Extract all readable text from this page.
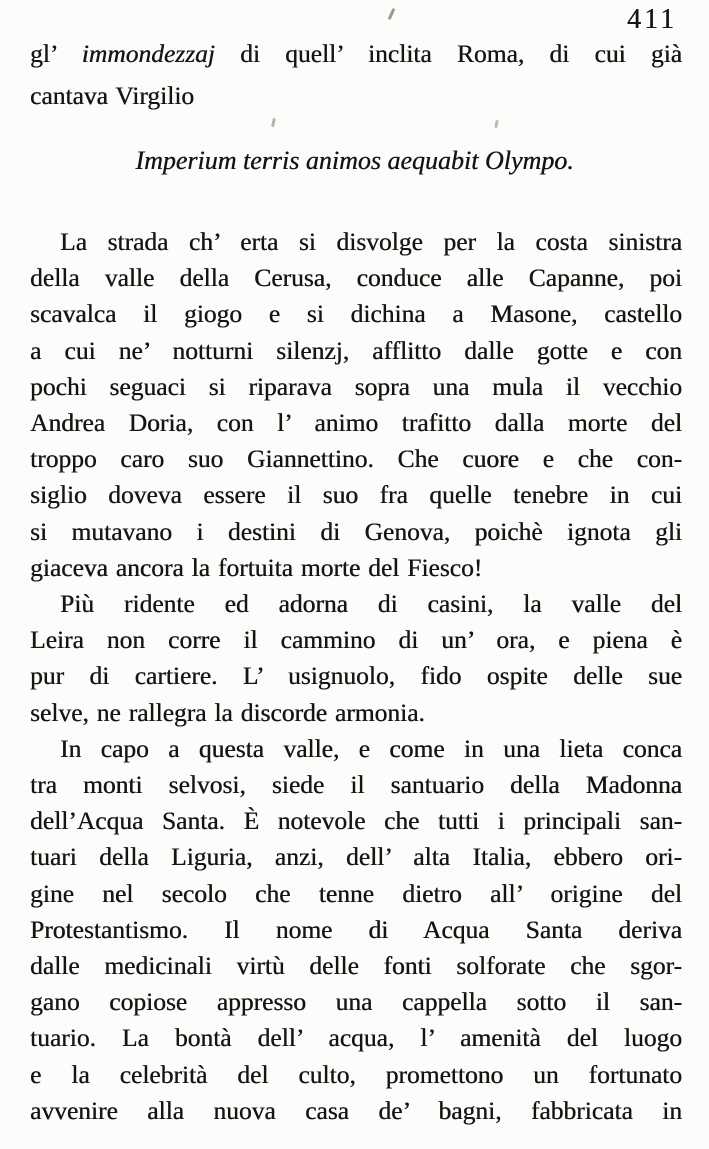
411
gl’ immondezzaj di quell’ inclita Roma, di cui già
cantava Virgilio
Imperium terris animos aequabit Olympo.
La strada ch’ erta si disvolge per la costa sinistra
della valle della Cerusa, conduce alle Capanne, poi
scavalca il giogo e si dichina a Masone, castello
a cui ne’ notturni silenzj, afflitto dalle gotte e con
pochi seguaci si riparava sopra una mula il vecchio
Andrea Doria, con l’ animo trafitto dalla morte del
troppo caro suo Giannettino. Che cuore e che con-
siglio doveva essere il suo fra quelle tenebre in cui
si mutavano i destini di Genova, poichè ignota gli
giaceva ancora la fortuita morte del Fiesco!
Più ridente ed adorna di casini, la valle del
Leira non corre il cammino di un’ ora, e piena è
pur di cartiere. L’ usignuolo, fido ospite delle sue
selve, ne rallegra la discorde armonia.
In capo a questa valle, e come in una lieta conca
tra monti selvosi, siede il santuario della Madonna
dell’Acqua Santa. È notevole che tutti i principali san-
tuari della Liguria, anzi, dell’ alta Italia, ebbero ori-
gine nel secolo che tenne dietro all’ origine del
Protestantismo. Il nome di Acqua Santa deriva
dalle medicinali virtù delle fonti solforate che sgor-
gano copiose appresso una cappella sotto il san-
tuario. La bontà dell’ acqua, l’ amenità del luogo
e la celebrità del culto, promettono un fortunato
avvenire alla nuova casa de’ bagni, fabbricata in
